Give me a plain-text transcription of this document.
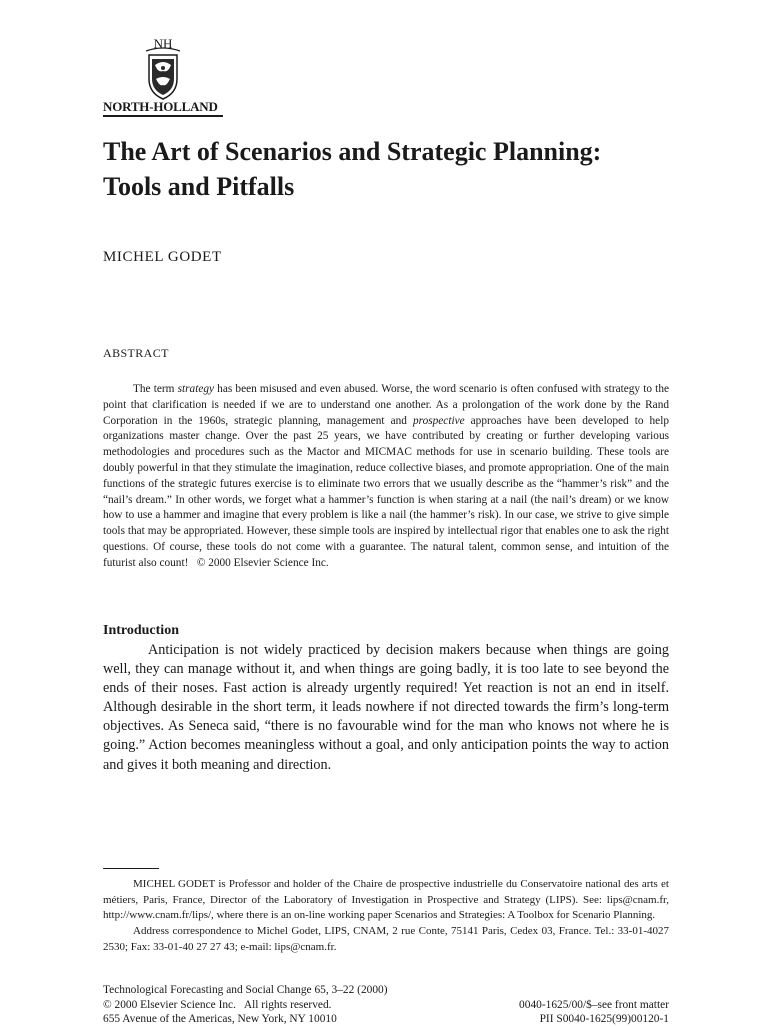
NH
NORTH-HOLLAND
The Art of Scenarios and Strategic Planning:
Tools and Pitfalls
MICHEL GODET
ABSTRACT

The term strategy has been misused and even abused. Worse, the word scenario is often confused with strategy to the point that clarification is needed if we are to understand one another. As a prolongation of the work done by the Rand Corporation in the 1960s, strategic planning, management and prospective approaches have been developed to help organizations master change. Over the past 25 years, we have contributed by creating or further developing various methodologies and procedures such as the Mactor and MICMAC methods for use in scenario building. These tools are doubly powerful in that they stimulate the imagination, reduce collective biases, and promote appropriation. One of the main functions of the strategic futures exercise is to eliminate two errors that we usually describe as the “hammer’s risk” and the “nail’s dream.” In other words, we forget what a hammer’s function is when staring at a nail (the nail’s dream) or we know how to use a hammer and imagine that every problem is like a nail (the hammer’s risk). In our case, we strive to give simple tools that may be appropriated. However, these simple tools are inspired by intellectual rigor that enables one to ask the right questions. Of course, these tools do not come with a guarantee. The natural talent, common sense, and intuition of the futurist also count! © 2000 Elsevier Science Inc.

Introduction

Anticipation is not widely practiced by decision makers because when things are going well, they can manage without it, and when things are going badly, it is too late to see beyond the ends of their noses. Fast action is already urgently required! Yet reaction is not an end in itself. Although desirable in the short term, it leads nowhere if not directed towards the firm’s long-term objectives. As Seneca said, “there is no favourable wind for the man who knows not where he is going.” Action becomes meaningless without a goal, and only anticipation points the way to action and gives it both meaning and direction.

MICHEL GODET is Professor and holder of the Chaire de prospective industrielle du Conservatoire national des arts et métiers, Paris, France, Director of the Laboratory of Investigation in Prospective and Strategy (LIPS). See: lips@cnam.fr, http://www.cnam.fr/lips/, where there is an on-line working paper Scenarios and Strategies: A Toolbox for Scenario Planning.

Address correspondence to Michel Godet, LIPS, CNAM, 2 rue Conte, 75141 Paris, Cedex 03, France. Tel.: 33-01-4027 2530; Fax: 33-01-40 27 27 43; e-mail: lips@cnam.fr.

Technological Forecasting and Social Change 65, 3–22 (2000)
© 2000 Elsevier Science Inc.   All rights reserved.	0040-1625/00/$–see front matter
655 Avenue of the Americas, New York, NY 10010	PII S0040-1625(99)00120-1
